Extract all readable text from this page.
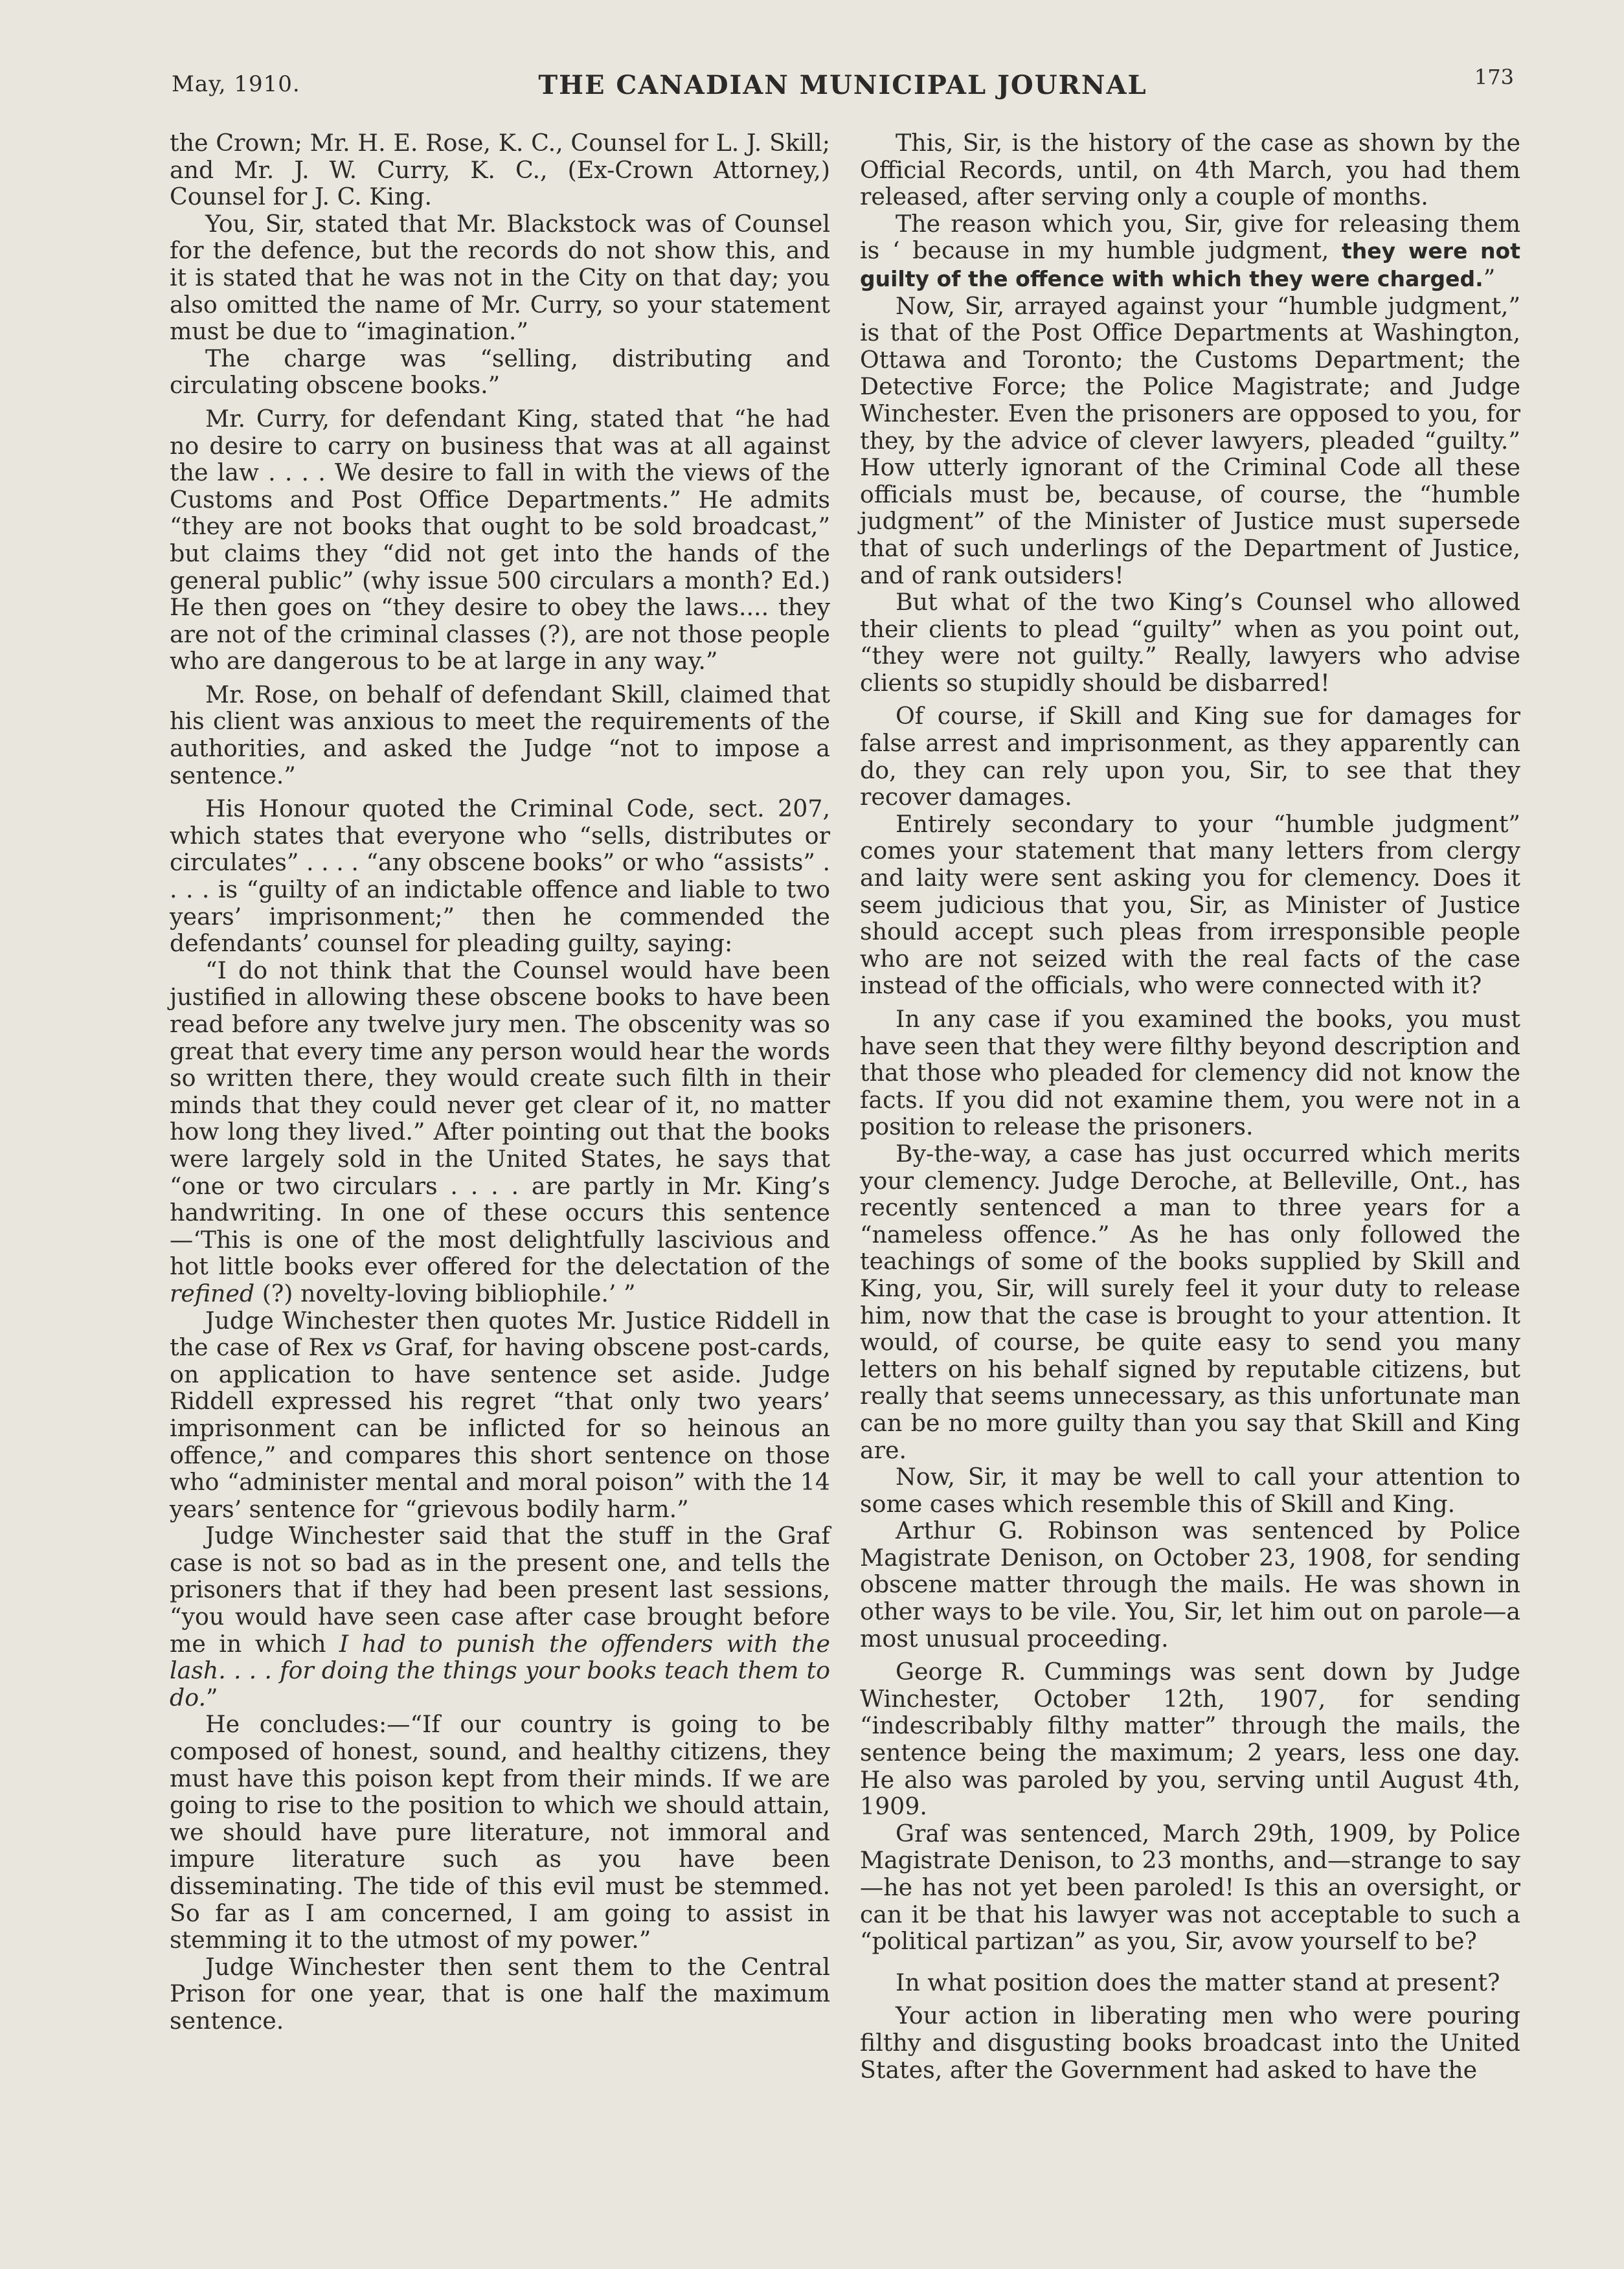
May, 1910.	THE CANADIAN MUNICIPAL JOURNAL	173

the Crown; Mr. H. E. Rose, K. C., Counsel for L. J. Skill; and Mr. J. W. Curry, K. C., (Ex-Crown Attorney,) Counsel for J. C. King.

You, Sir, stated that Mr. Blackstock was of Counsel for the defence, but the records do not show this, and it is stated that he was not in the City on that day; you also omitted the name of Mr. Curry, so your statement must be due to “imagination.”

The charge was “selling, distributing and circulating obscene books.”

Mr. Curry, for defendant King, stated that “he had no desire to carry on business that was at all against the law . . . . We desire to fall in with the views of the Customs and Post Office Departments.” He admits “they are not books that ought to be sold broadcast,” but claims they “did not get into the hands of the general public” (why issue 500 circulars a month? Ed.) He then goes on “they desire to obey the laws.... they are not of the criminal classes (?), are not those people who are dangerous to be at large in any way.”

Mr. Rose, on behalf of defendant Skill, claimed that his client was anxious to meet the requirements of the authorities, and asked the Judge “not to impose a sentence.”

His Honour quoted the Criminal Code, sect. 207, which states that everyone who “sells, distributes or circulates” . . . . “any obscene books” or who “assists” . . . . is “guilty of an indictable offence and liable to two years’ imprisonment;” then he commended the defendants’ counsel for pleading guilty, saying:

“I do not think that the Counsel would have been justified in allowing these obscene books to have been read before any twelve jury men. The obscenity was so great that every time any person would hear the words so written there, they would create such filth in their minds that they could never get clear of it, no matter how long they lived.” After pointing out that the books were largely sold in the United States, he says that “one or two circulars . . . . are partly in Mr. King’s handwriting. In one of these occurs this sentence—‘This is one of the most delightfully lascivious and hot little books ever offered for the delectation of the refined (?) novelty-loving bibliophile.’ ”

Judge Winchester then quotes Mr. Justice Riddell in the case of Rex vs Graf, for having obscene post-cards, on application to have sentence set aside. Judge Riddell expressed his regret “that only two years’ imprisonment can be inflicted for so heinous an offence,” and compares this short sentence on those who “administer mental and moral poison” with the 14 years’ sentence for “grievous bodily harm.”

Judge Winchester said that the stuff in the Graf case is not so bad as in the present one, and tells the prisoners that if they had been present last sessions, “you would have seen case after case brought before me in which I had to punish the offenders with the lash. . . . for doing the things your books teach them to do.”

He concludes:—“If our country is going to be composed of honest, sound, and healthy citizens, they must have this poison kept from their minds. If we are going to rise to the position to which we should attain, we should have pure literature, not immoral and impure literature such as you have been disseminating. The tide of this evil must be stemmed. So far as I am concerned, I am going to assist in stemming it to the utmost of my power.”

Judge Winchester then sent them to the Central Prison for one year, that is one half the maximum sentence.

This, Sir, is the history of the case as shown by the Official Records, until, on 4th March, you had them released, after serving only a couple of months.

The reason which you, Sir, give for releasing them is ‘ because in my humble judgment, they were not guilty of the offence with which they were charged.”

Now, Sir, arrayed against your “humble judgment,” is that of the Post Office Departments at Washington, Ottawa and Toronto; the Customs Department; the Detective Force; the Police Magistrate; and Judge Winchester. Even the prisoners are opposed to you, for they, by the advice of clever lawyers, pleaded “guilty.” How utterly ignorant of the Criminal Code all these officials must be, because, of course, the “humble judgment” of the Minister of Justice must supersede that of such underlings of the Department of Justice, and of rank outsiders!

But what of the two King’s Counsel who allowed their clients to plead “guilty” when as you point out, “they were not guilty.” Really, lawyers who advise clients so stupidly should be disbarred!

Of course, if Skill and King sue for damages for false arrest and imprisonment, as they apparently can do, they can rely upon you, Sir, to see that they recover damages.

Entirely secondary to your “humble judgment” comes your statement that many letters from clergy and laity were sent asking you for clemency. Does it seem judicious that you, Sir, as Minister of Justice should accept such pleas from irresponsible people who are not seized with the real facts of the case instead of the officials, who were connected with it?

In any case if you examined the books, you must have seen that they were filthy beyond description and that those who pleaded for clemency did not know the facts. If you did not examine them, you were not in a position to release the prisoners.

By-the-way, a case has just occurred which merits your clemency. Judge Deroche, at Belleville, Ont., has recently sentenced a man to three years for a “nameless offence.” As he has only followed the teachings of some of the books supplied by Skill and King, you, Sir, will surely feel it your duty to release him, now that the case is brought to your attention. It would, of course, be quite easy to send you many letters on his behalf signed by reputable citizens, but really that seems unnecessary, as this unfortunate man can be no more guilty than you say that Skill and King are.

Now, Sir, it may be well to call your attention to some cases which resemble this of Skill and King.

Arthur G. Robinson was sentenced by Police Magistrate Denison, on October 23, 1908, for sending obscene matter through the mails. He was shown in other ways to be vile. You, Sir, let him out on parole—a most unusual proceeding.

George R. Cummings was sent down by Judge Winchester, October 12th, 1907, for sending “indescribably filthy matter” through the mails, the sentence being the maximum; 2 years, less one day. He also was paroled by you, serving until August 4th, 1909.

Graf was sentenced, March 29th, 1909, by Police Magistrate Denison, to 23 months, and—strange to say —he has not yet been paroled! Is this an oversight, or can it be that his lawyer was not acceptable to such a “political partizan” as you, Sir, avow yourself to be?

In what position does the matter stand at present?

Your action in liberating men who were pouring filthy and disgusting books broadcast into the United States, after the Government had asked to have the
